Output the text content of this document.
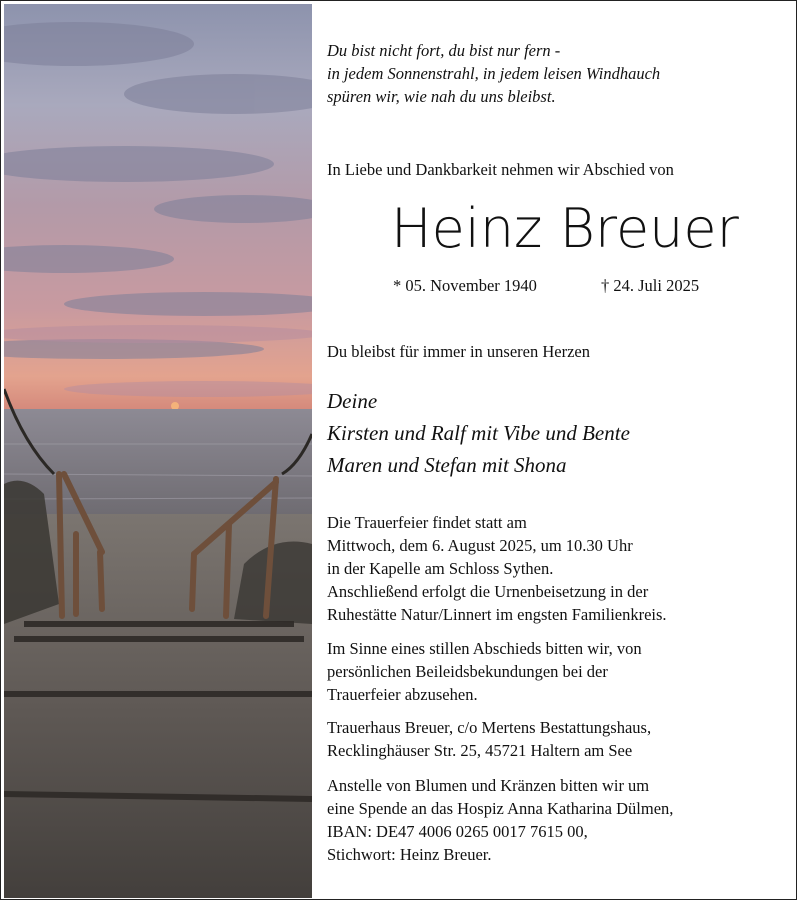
Du bist nicht fort, du bist nur fern -
in jedem Sonnenstrahl, in jedem leisen Windhauch
spüren wir, wie nah du uns bleibst.
In Liebe und Dankbarkeit nehmen wir Abschied von
Heinz Breuer
* 05. November 1940	† 24. Juli 2025
Du bleibst für immer in unseren Herzen
Deine
Kirsten und Ralf mit Vibe und Bente
Maren und Stefan mit Shona
Die Trauerfeier findet statt am
Mittwoch, dem 6. August 2025, um 10.30 Uhr
in der Kapelle am Schloss Sythen.
Anschließend erfolgt die Urnenbeisetzung in der
Ruhestätte Natur/Linnert im engsten Familienkreis.
Im Sinne eines stillen Abschieds bitten wir, von
persönlichen Beileidsbekundungen bei der
Trauerfeier abzusehen.
Trauerhaus Breuer, c/o Mertens Bestattungshaus,
Recklinghäuser Str. 25, 45721 Haltern am See
Anstelle von Blumen und Kränzen bitten wir um
eine Spende an das Hospiz Anna Katharina Dülmen,
IBAN: DE47 4006 0265 0017 7615 00,
Stichwort: Heinz Breuer.
